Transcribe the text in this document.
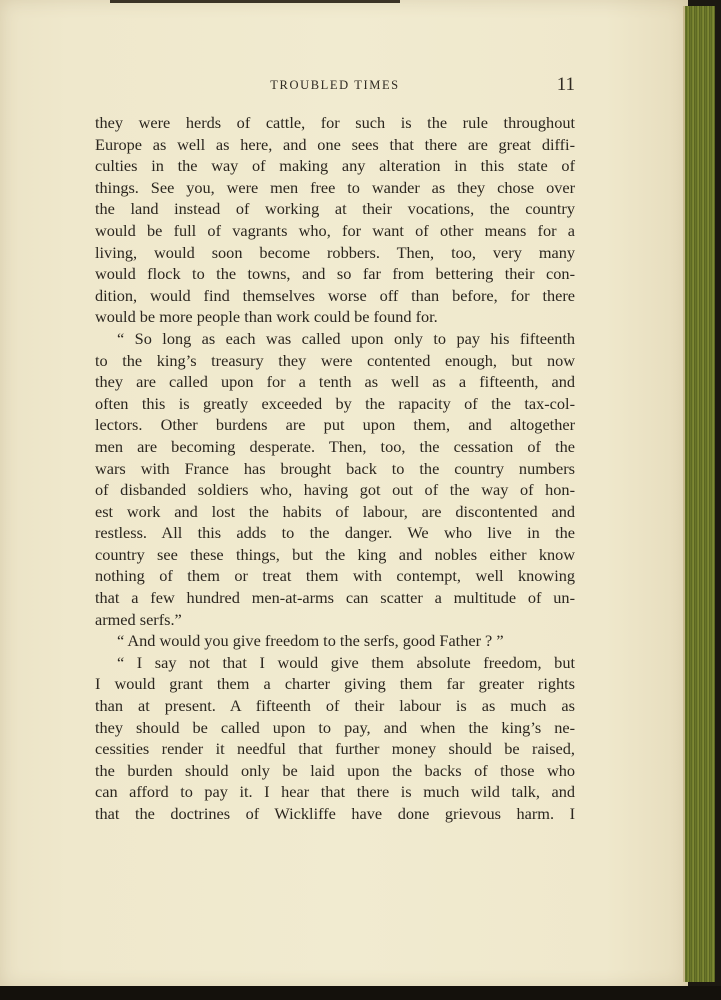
TROUBLED TIMES	11
they were herds of cattle, for such is the rule throughout
Europe as well as here, and one sees that there are great diffi-
culties in the way of making any alteration in this state of
things. See you, were men free to wander as they chose over
the land instead of working at their vocations, the country
would be full of vagrants who, for want of other means for a
living, would soon become robbers. Then, too, very many
would flock to the towns, and so far from bettering their con-
dition, would find themselves worse off than before, for there
would be more people than work could be found for.
“ So long as each was called upon only to pay his fifteenth
to the king’s treasury they were contented enough, but now
they are called upon for a tenth as well as a fifteenth, and
often this is greatly exceeded by the rapacity of the tax-col-
lectors. Other burdens are put upon them, and altogether
men are becoming desperate. Then, too, the cessation of the
wars with France has brought back to the country numbers
of disbanded soldiers who, having got out of the way of hon-
est work and lost the habits of labour, are discontented and
restless. All this adds to the danger. We who live in the
country see these things, but the king and nobles either know
nothing of them or treat them with contempt, well knowing
that a few hundred men-at-arms can scatter a multitude of un-
armed serfs.”
“ And would you give freedom to the serfs, good Father ? ”
“ I say not that I would give them absolute freedom, but
I would grant them a charter giving them far greater rights
than at present. A fifteenth of their labour is as much as
they should be called upon to pay, and when the king’s ne-
cessities render it needful that further money should be raised,
the burden should only be laid upon the backs of those who
can afford to pay it. I hear that there is much wild talk, and
that the doctrines of Wickliffe have done grievous harm. I
